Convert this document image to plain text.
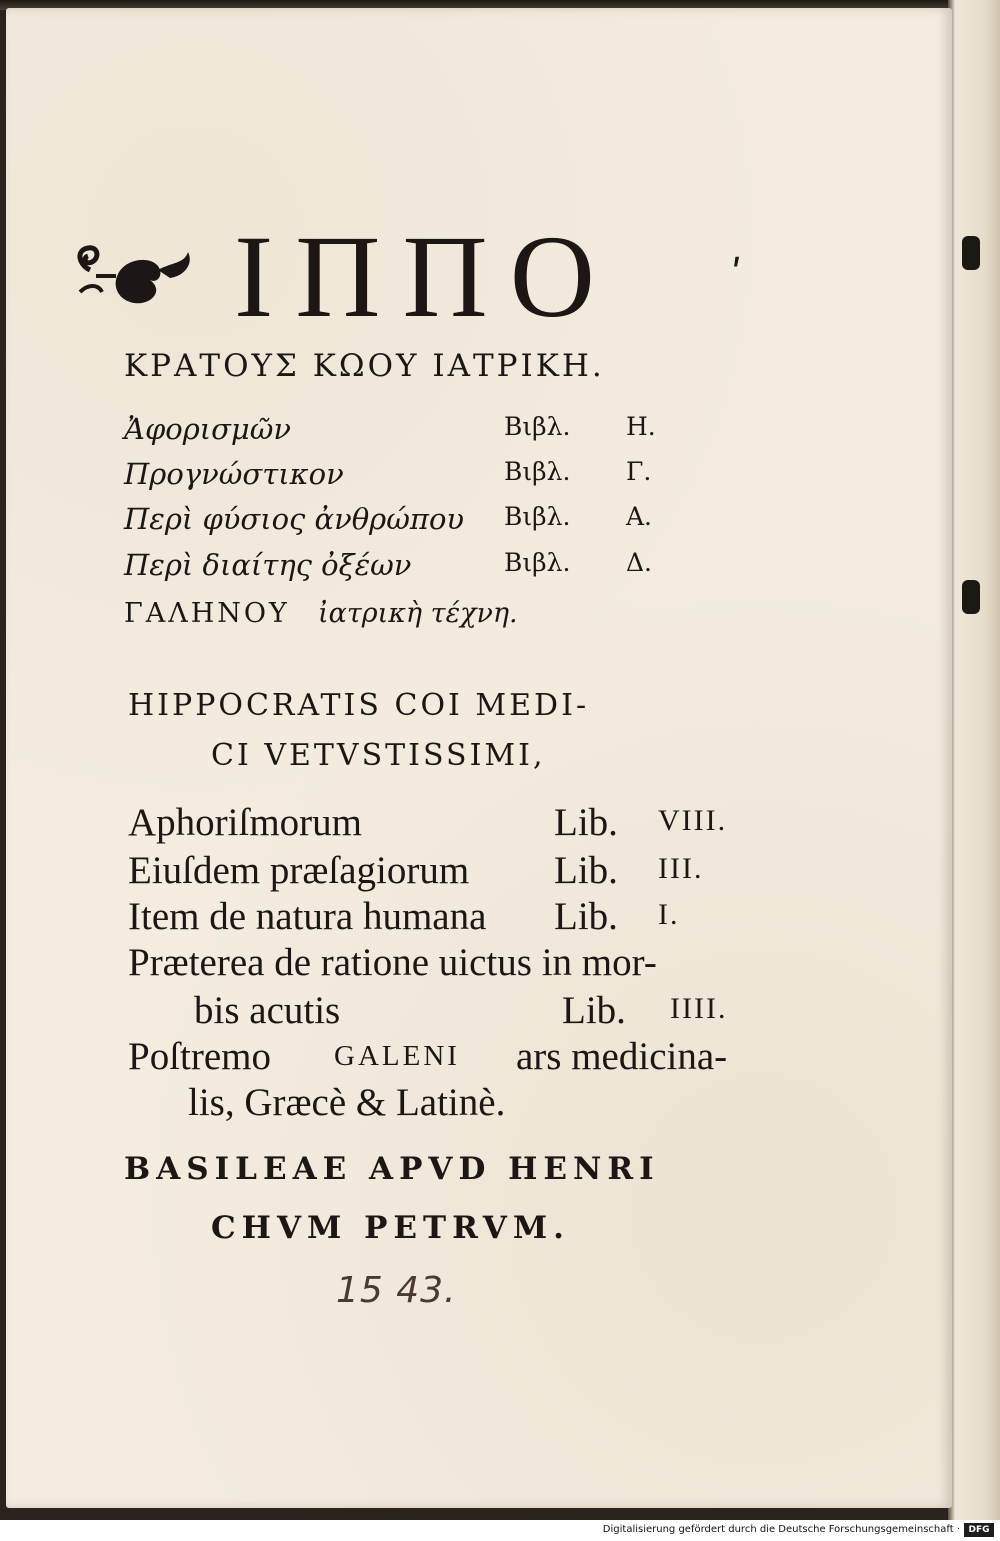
ΙΠΠΟ	ʹ
ΚΡΑΤΟΥΣ ΚΩΟΥ ΙΑΤΡΙΚΗ.
Ἀφορισμῶν	Βιβλ. Η.
Προγνώστικον	Βιβλ. Γ.
Περὶ φύσιος ἀνθρώπου Βιβλ. Α.
Περὶ διαίτης ὀξέων	Βιβλ. Δ.
ΓΑΛΗΝΟΥ ἰατρικὴ τέχνη.
HIPPOCRATIS COI MEDI-
CI VETVSTISSIMI,
Aphoriſmorum	Lib. VIII.
Eiuſdem præſagiorum Lib. III.
Item de natura humana Lib. I.
Præterea de ratione uictus in mor-
bis acutis	Lib. IIII.
Poſtremo GALENI ars medicina-
lis, Græcè & Latinè.
BASILEAE APVD HENRI
CHVM PETRVM.
15 43.
Digitalisierung gefördert durch die Deutsche Forschungsgemeinschaft · DFG
